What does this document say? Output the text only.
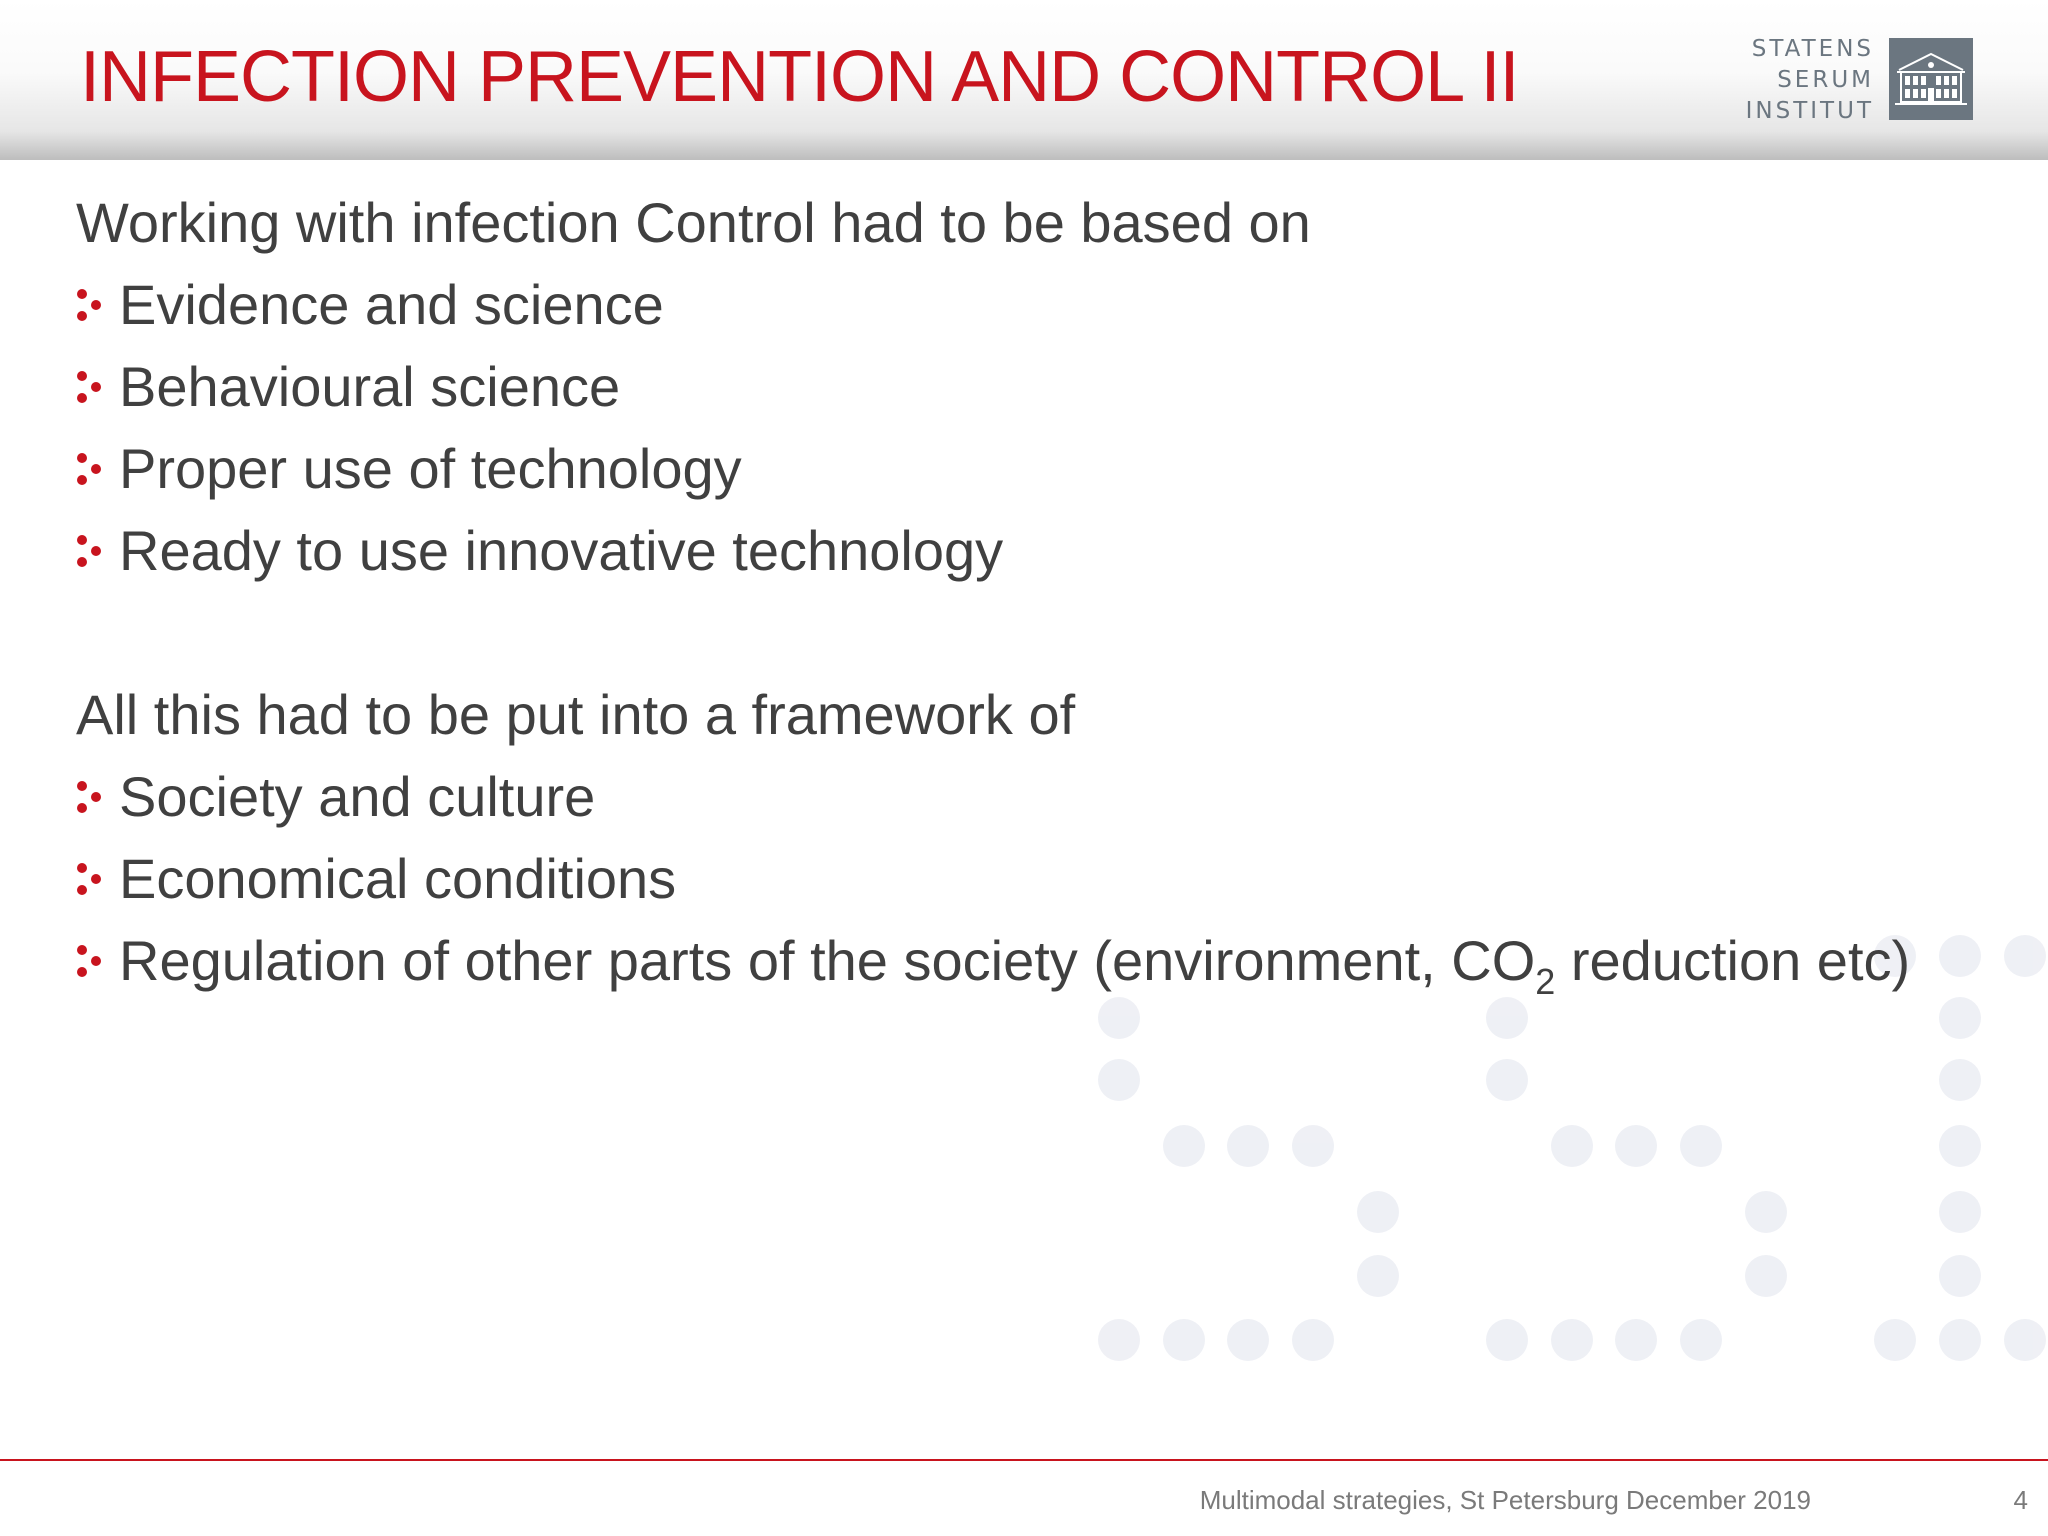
INFECTION PREVENTION AND CONTROL II	STATENS
SERUM
INSTITUT
Working with infection Control had to be based on
Evidence and science
Behavioural science
Proper use of technology
Ready to use innovative technology
All this had to be put into a framework of
Society and culture
Economical conditions
Regulation of other parts of the society (environment, $CO_2$ reduction etc)
Multimodal strategies, St Petersburg December 2019	4
